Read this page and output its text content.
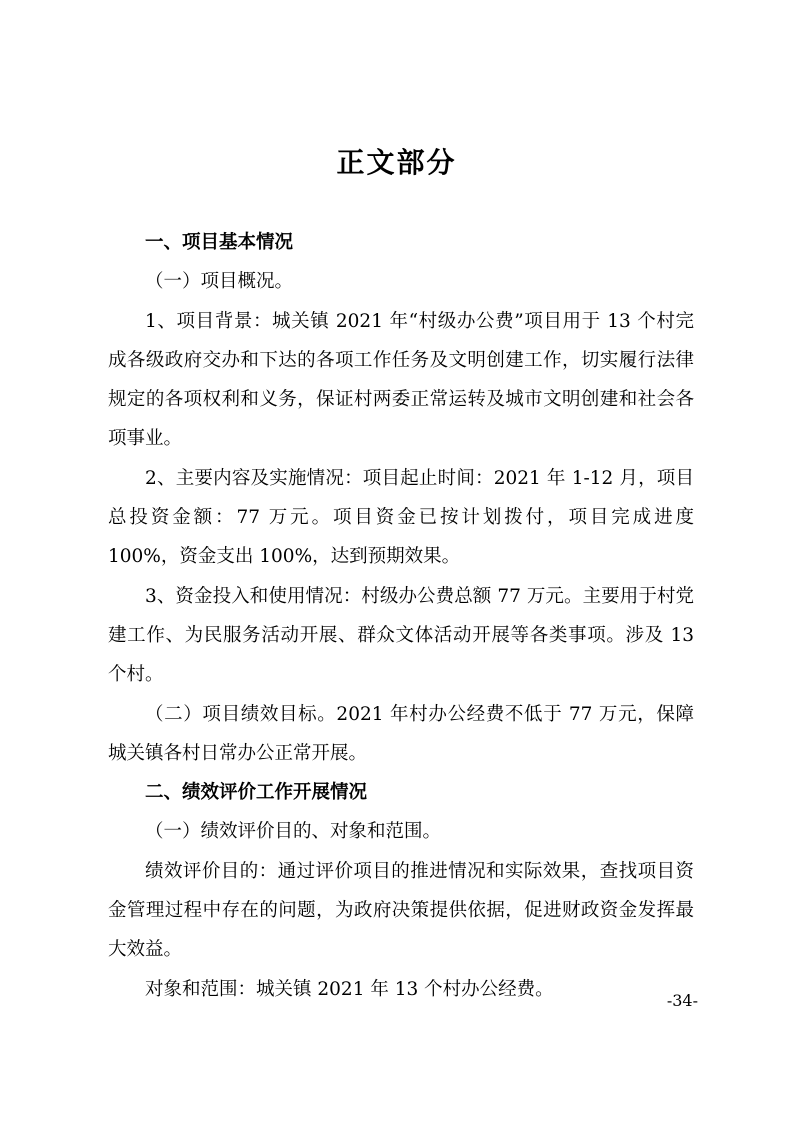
正文部分

一、项目基本情况

（一）项目概况。

1、项目背景：城关镇 2021 年“村级办公费”项目用于 13 个村完成各级政府交办和下达的各项工作任务及文明创建工作，切实履行法律规定的各项权利和义务，保证村两委正常运转及城市文明创建和社会各项事业。

2、主要内容及实施情况：项目起止时间：2021 年 1-12 月，项目总投资金额：77 万元。项目资金已按计划拨付，项目完成进度 100%，资金支出 100%，达到预期效果。

3、资金投入和使用情况：村级办公费总额 77 万元。主要用于村党建工作、为民服务活动开展、群众文体活动开展等各类事项。涉及 13 个村。

（二）项目绩效目标。2021 年村办公经费不低于 77 万元，保障城关镇各村日常办公正常开展。

二、绩效评价工作开展情况

（一）绩效评价目的、对象和范围。

绩效评价目的：通过评价项目的推进情况和实际效果，查找项目资金管理过程中存在的问题，为政府决策提供依据，促进财政资金发挥最大效益。

对象和范围：城关镇 2021 年 13 个村办公经费。

-34-
